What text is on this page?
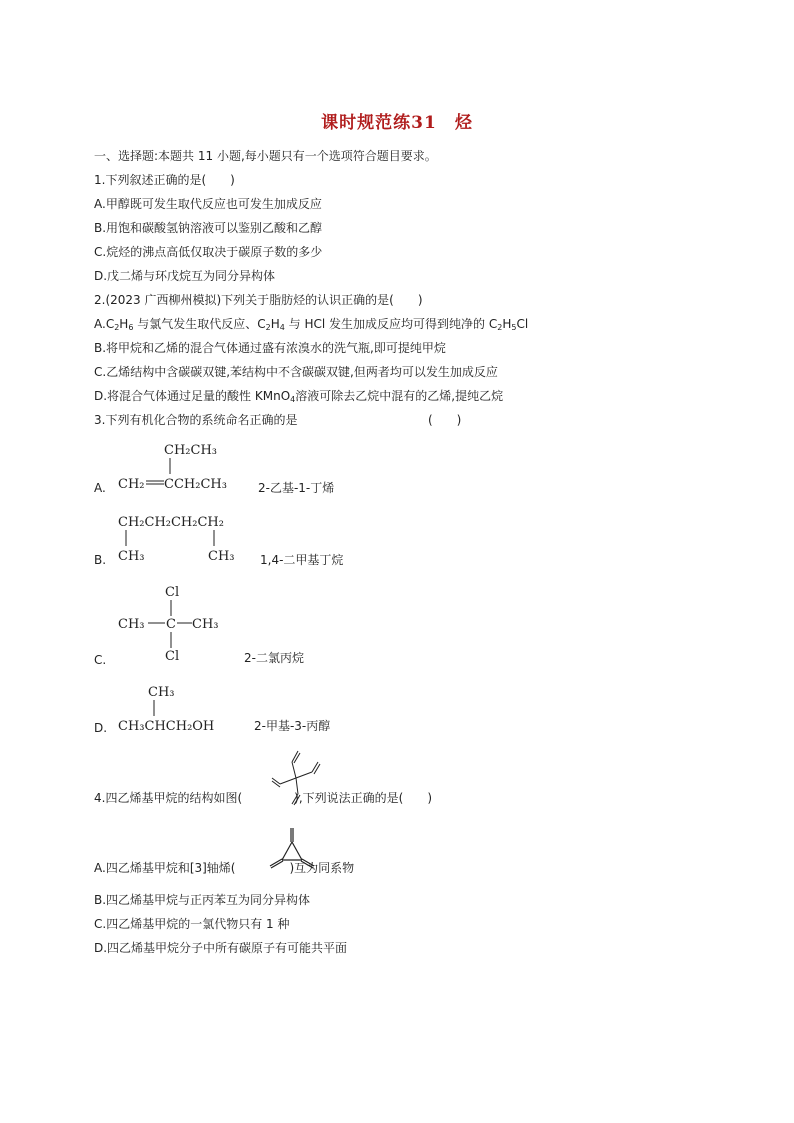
课时规范练31　烃
一、选择题:本题共 11 小题,每小题只有一个选项符合题目要求。
1.下列叙述正确的是(　　)
A.甲醇既可发生取代反应也可发生加成反应
B.用饱和碳酸氢钠溶液可以鉴别乙酸和乙醇
C.烷烃的沸点高低仅取决于碳原子数的多少
D.戊二烯与环戊烷互为同分异构体
2.(2023 广西柳州模拟)下列关于脂肪烃的认识正确的是(　　)
$A.C_2H_6$ 与氯气发生取代反应、$C_2H_4$ 与 HCl 发生加成反应均可得到纯净的 $C_2H_5Cl$
B.将甲烷和乙烯的混合气体通过盛有浓溴水的洗气瓶,即可提纯甲烷
C.乙烯结构中含碳碳双键,苯结构中不含碳碳双键,但两者均可以发生加成反应
D.将混合气体通过足量的酸性 KMnO$_4$溶液可除去乙烷中混有的乙烯,提纯乙烷
3.下列有机化合物的系统命名正确的是	(　　)
A.
CH₂CH₃
CH₂ CCH₂CH₃	2-乙基-1-丁烯
B.
CH₂CH₂CH₂CH₂
CH₃	CH₃ 1,4-二甲基丁烷
C.
Cl
CH₃ C CH₃
Cl	2-二氯丙烷
D.
CH₃
CH₃CHCH₂OH	2-甲基-3-丙醇
4.四乙烯基甲烷的结构如图(	),下列说法正确的是(　　)
A.四乙烯基甲烷和[3]轴烯(	)互为同系物
B.四乙烯基甲烷与正丙苯互为同分异构体
C.四乙烯基甲烷的一氯代物只有 1 种
D.四乙烯基甲烷分子中所有碳原子有可能共平面
